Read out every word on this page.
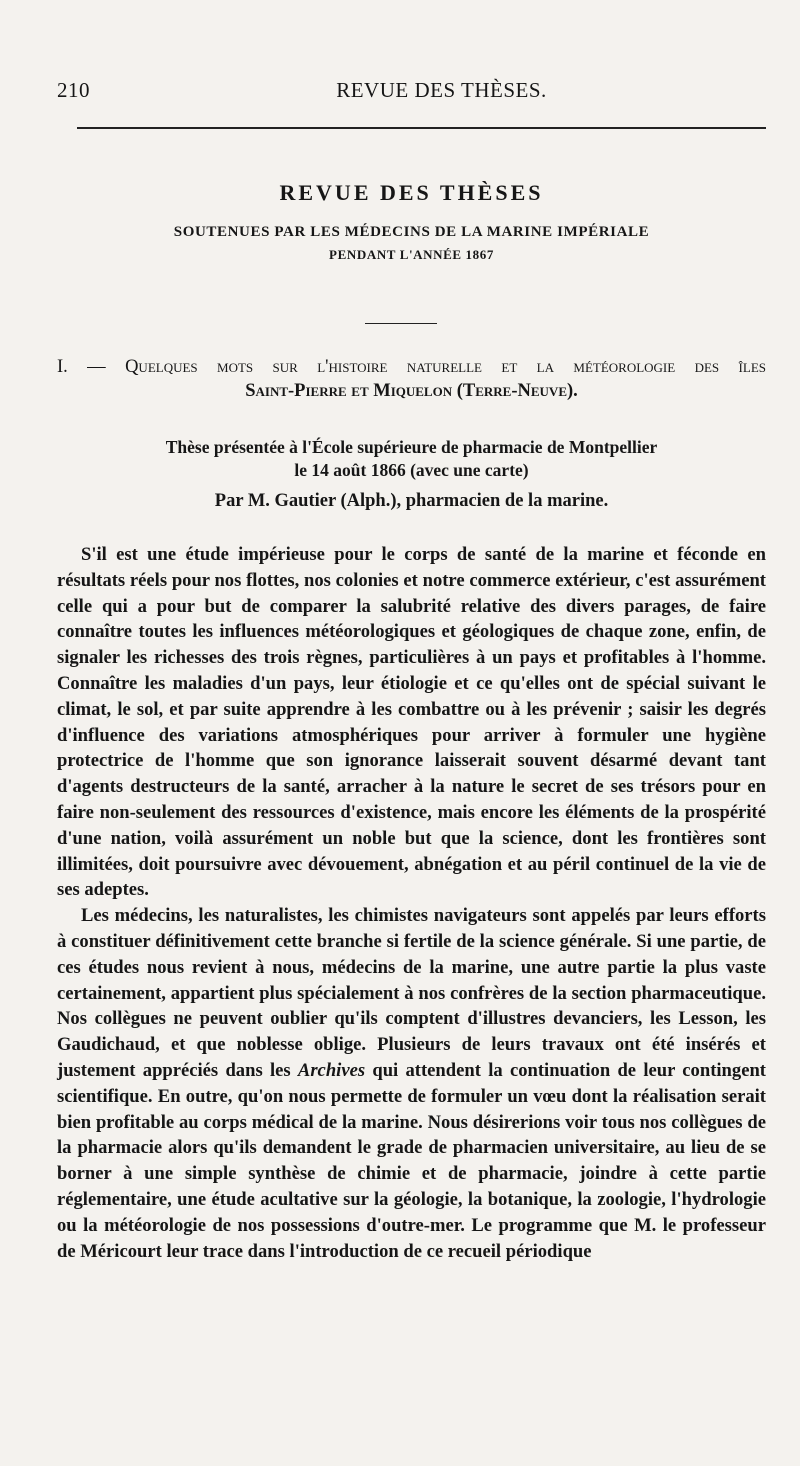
210	REVUE DES THÈSES.
REVUE DES THÈSES
SOUTENUES PAR LES MÉDECINS DE LA MARINE IMPÉRIALE
PENDANT L'ANNÉE 1867
I. — Quelques mots sur l'histoire naturelle et la météorologie des îles
Saint-Pierre et Miquelon (Terre-Neuve).
Thèse présentée à l'École supérieure de pharmacie de Montpellier
le 14 août 1866 (avec une carte)
Par M. Gautier (Alph.), pharmacien de la marine.

S'il est une étude impérieuse pour le corps de santé de la marine et féconde en résultats réels pour nos flottes, nos colonies et notre commerce extérieur, c'est assurément celle qui a pour but de comparer la salubrité relative des divers parages, de faire connaître toutes les influences météorologiques et géologiques de chaque zone, enfin, de signaler les richesses des trois règnes, particulières à un pays et profitables à l'homme. Connaître les maladies d'un pays, leur étiologie et ce qu'elles ont de spécial suivant le climat, le sol, et par suite apprendre à les combattre ou à les prévenir ; saisir les degrés d'influence des variations atmosphériques pour arriver à formuler une hygiène protectrice de l'homme que son ignorance laisserait souvent désarmé devant tant d'agents destructeurs de la santé, arracher à la nature le secret de ses trésors pour en faire non-seulement des ressources d'existence, mais encore les éléments de la prospérité d'une nation, voilà assurément un noble but que la science, dont les frontières sont illimitées, doit poursuivre avec dévouement, abnégation et au péril continuel de la vie de ses adeptes.

Les médecins, les naturalistes, les chimistes navigateurs sont appelés par leurs efforts à constituer définitivement cette branche si fertile de la science générale. Si une partie, de ces études nous revient à nous, médecins de la marine, une autre partie la plus vaste certainement, appartient plus spécialement à nos confrères de la section pharmaceutique. Nos collègues ne peuvent oublier qu'ils comptent d'illustres devanciers, les Lesson, les Gaudichaud, et que noblesse oblige. Plusieurs de leurs travaux ont été insérés et justement appréciés dans les Archives qui attendent la continuation de leur contingent scientifique. En outre, qu'on nous permette de formuler un vœu dont la réalisation serait bien profitable au corps médical de la marine. Nous désirerions voir tous nos collègues de la pharmacie alors qu'ils demandent le grade de pharmacien universitaire, au lieu de se borner à une simple synthèse de chimie et de pharmacie, joindre à cette partie réglementaire, une étude acultative sur la géologie, la botanique, la zoologie, l'hydrologie ou la météorologie de nos possessions d'outre-mer. Le programme que M. le professeur de Méricourt leur trace dans l'introduction de ce recueil périodique
